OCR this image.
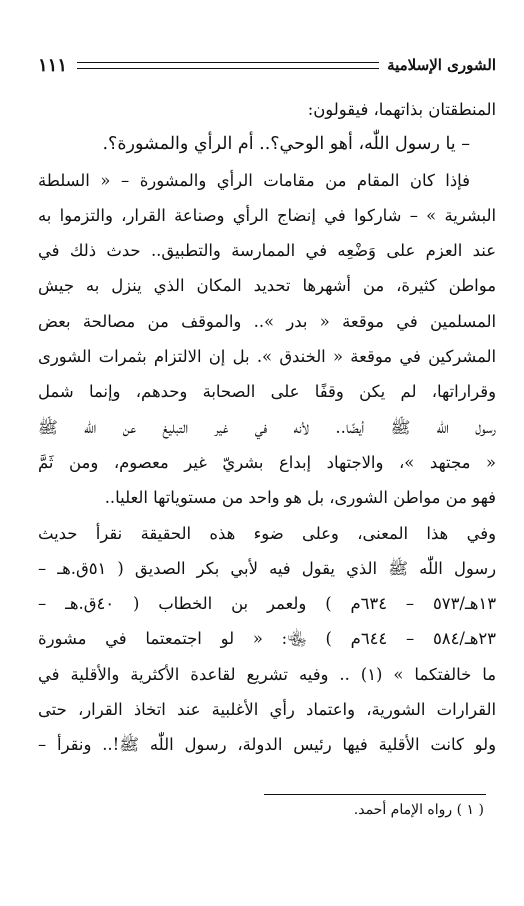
الشورى الإسلامية
١١١
المنطقتان بذاتهما، فيقولون:
– يا رسول اللّٰه، أهو الوحي؟.. أم الرأي والمشورة؟.
فإذا كان المقام من مقامات الرأي والمشورة – « السلطة
البشرية » – شاركوا في إنضاج الرأي وصناعة القرار، والتزموا به
عند العزم على وَضْعِه في الممارسة والتطبيق.. حدث ذلك في
مواطن كثيرة، من أشهرها تحديد المكان الذي ينزل به جيش
المسلمين في موقعة « بدر ».. والموقف من مصالحة بعض
المشركين في موقعة « الخندق ». بل إن الالتزام بثمرات الشورى
وقراراتها، لم يكن وقفًا على الصحابة وحدهم، وإنما شمل
رسول اللّٰه ﷺ أيضًا.. لأنه في غير التبليغ عن اللّٰه ﷺ
« مجتهد »، والاجتهاد إبداع بشريّ غير معصوم، ومن ثَمَّ
فهو من مواطن الشورى، بل هو واحد من مستوياتها العليا..
وفي هذا المعنى، وعلى ضوء هذه الحقيقة نقرأ حديث
رسول اللّٰه ﷺ الذي يقول فيه لأبي بكر الصديق ( ٥١ق.هـ –
١٣هـ/٥٧٣ – ٦٣٤م ) ولعمر بن الخطاب ( ٤٠ق.هـ –
٢٣هـ/٥٨٤ – ٦٤٤م ) ﵄: « لو اجتمعتما في مشورة
ما خالفتكما » (١) .. وفيه تشريع لقاعدة الأكثرية والأقلية في
القرارات الشورية، واعتماد رأي الأغلبية عند اتخاذ القرار، حتى
ولو كانت الأقلية فيها رئيس الدولة، رسول اللّٰه ﷺ!.. ونقرأ –
( ١ ) رواه الإمام أحمد.
